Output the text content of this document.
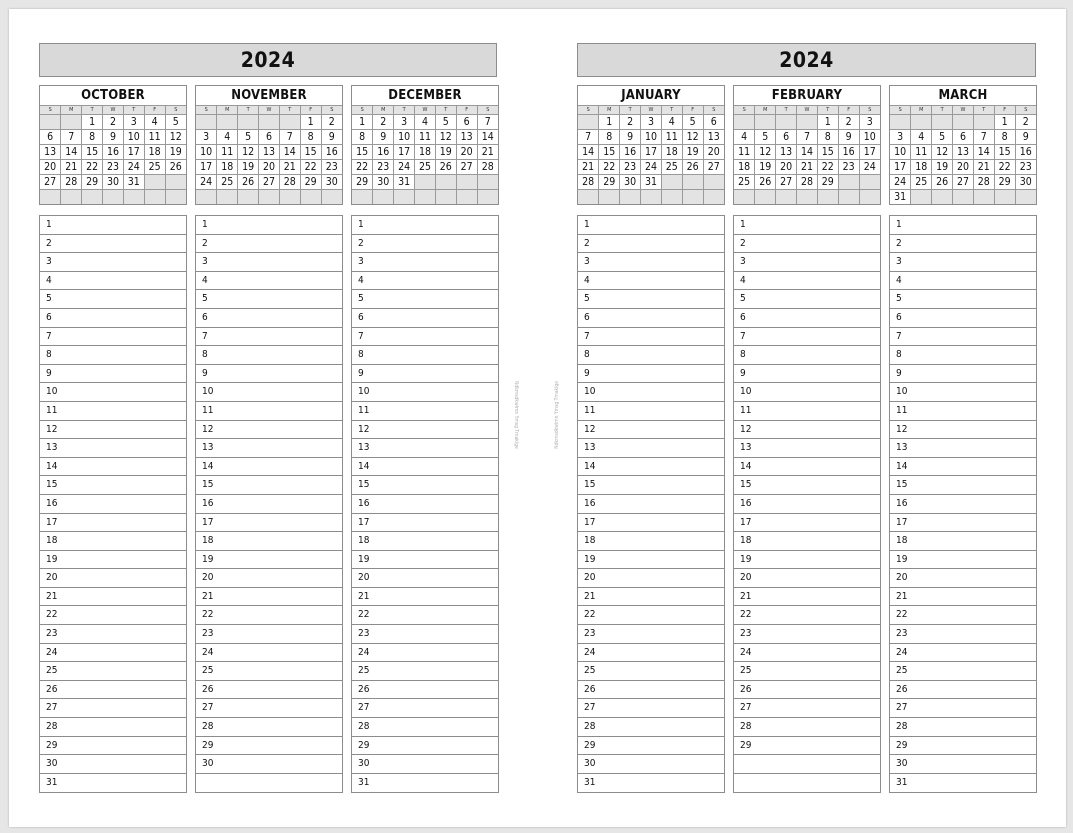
2024
OCTOBER
S	M	T	W	T	F	S
		1	2	3	4	5
6	7	8	9	10	11	12
13	14	15	16	17	18	19
20	21	22	23	24	25	26
27	28	29	30	31		

1
2
3
4
5
6
7
8
9
10
11
12
13
14
15
16
17
18
19
20
21
22
23
24
25
26
27
28
29
30
31
NOVEMBER
S	M	T	W	T	F	S
					1	2
3	4	5	6	7	8	9
10	11	12	13	14	15	16
17	18	19	20	21	22	23
24	25	26	27	28	29	30

1
2
3
4
5
6
7
8
9
10
11
12
13
14
15
16
17
18
19
20
21
22
23
24
25
26
27
28
29
30
DECEMBER
S	M	T	W	T	F	S
1	2	3	4	5	6	7
8	9	10	11	12	13	14
15	16	17	18	19	20	21
22	23	24	25	26	27	28
29	30	31				

1
2
3
4
5
6
7
8
9
10
11
12
13
14
15
16
17
18
19
20
21
22
23
24
25
26
27
28
29
30
31
Ndkmsdkwlmn Ymsg Tmaklge	Ndkmsdkwlmn Ymsg Tmaklge
2024
JANUARY
S	M	T	W	T	F	S
	1	2	3	4	5	6
7	8	9	10	11	12	13
14	15	16	17	18	19	20
21	22	23	24	25	26	27
28	29	30	31			

1
2
3
4
5
6
7
8
9
10
11
12
13
14
15
16
17
18
19
20
21
22
23
24
25
26
27
28
29
30
31
FEBRUARY
S	M	T	W	T	F	S
				1	2	3
4	5	6	7	8	9	10
11	12	13	14	15	16	17
18	19	20	21	22	23	24
25	26	27	28	29		

1
2
3
4
5
6
7
8
9
10
11
12
13
14
15
16
17
18
19
20
21
22
23
24
25
26
27
28
29
MARCH
S	M	T	W	T	F	S
					1	2
3	4	5	6	7	8	9
10	11	12	13	14	15	16
17	18	19	20	21	22	23
24	25	26	27	28	29	30
31						
1
2
3
4
5
6
7
8
9
10
11
12
13
14
15
16
17
18
19
20
21
22
23
24
25
26
27
28
29
30
31
